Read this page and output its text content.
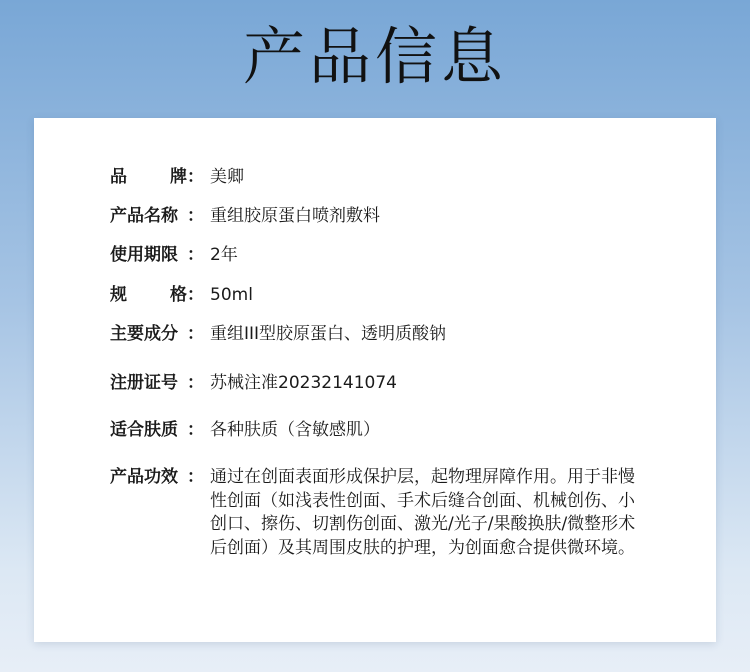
产品信息
品	牌 ： 美卿
产品名称 ： 重组胶原蛋白喷剂敷料
使用期限 ： 2年
规	格 ： 50ml
主要成分 ： 重组III型胶原蛋白、透明质酸钠
注册证号 ： 苏械注准20232141074
适合肤质 ： 各种肤质（含敏感肌）
产品功效 ： 通过在创面表面形成保护层，起物理屏障作用。用于非慢性创面（如浅表性创面、手术后缝合创面、机械创伤、小创口、擦伤、切割伤创面、激光/光子/果酸换肤/微整形术后创面）及其周围皮肤的护理，为创面愈合提供微环境。
